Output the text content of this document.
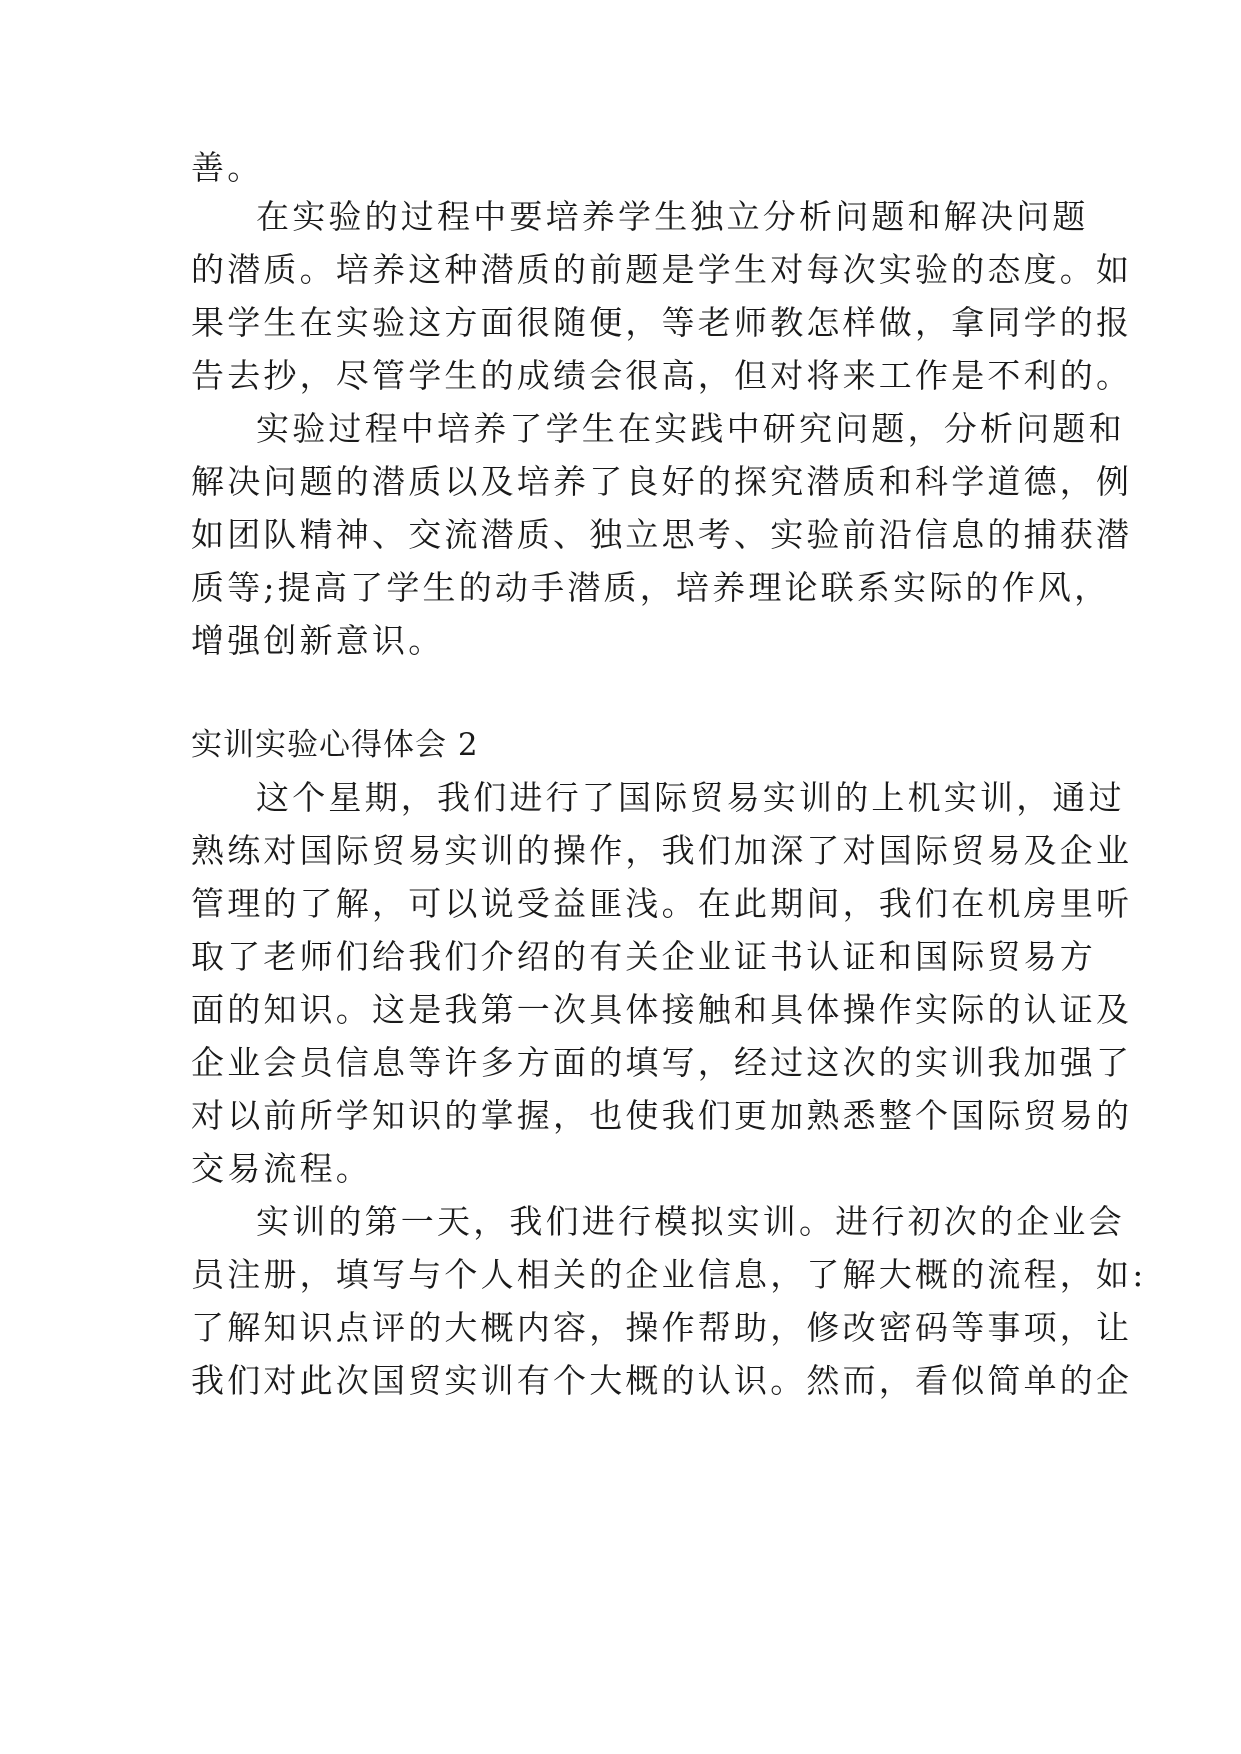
善。
在实验的过程中要培养学生独立分析问题和解决问题
的潜质。培养这种潜质的前题是学生对每次实验的态度。如
果学生在实验这方面很随便，等老师教怎样做，拿同学的报
告去抄，尽管学生的成绩会很高，但对将来工作是不利的。
实验过程中培养了学生在实践中研究问题，分析问题和
解决问题的潜质以及培养了良好的探究潜质和科学道德，例
如团队精神、交流潜质、独立思考、实验前沿信息的捕获潜
质等;提高了学生的动手潜质，培养理论联系实际的作风，
增强创新意识。
实训实验心得体会 2
这个星期，我们进行了国际贸易实训的上机实训，通过
熟练对国际贸易实训的操作，我们加深了对国际贸易及企业
管理的了解，可以说受益匪浅。在此期间，我们在机房里听
取了老师们给我们介绍的有关企业证书认证和国际贸易方
面的知识。这是我第一次具体接触和具体操作实际的认证及
企业会员信息等许多方面的填写，经过这次的实训我加强了
对以前所学知识的掌握，也使我们更加熟悉整个国际贸易的
交易流程。
实训的第一天，我们进行模拟实训。进行初次的企业会
员注册，填写与个人相关的企业信息，了解大概的流程，如:
了解知识点评的大概内容，操作帮助，修改密码等事项，让
我们对此次国贸实训有个大概的认识。然而，看似简单的企
